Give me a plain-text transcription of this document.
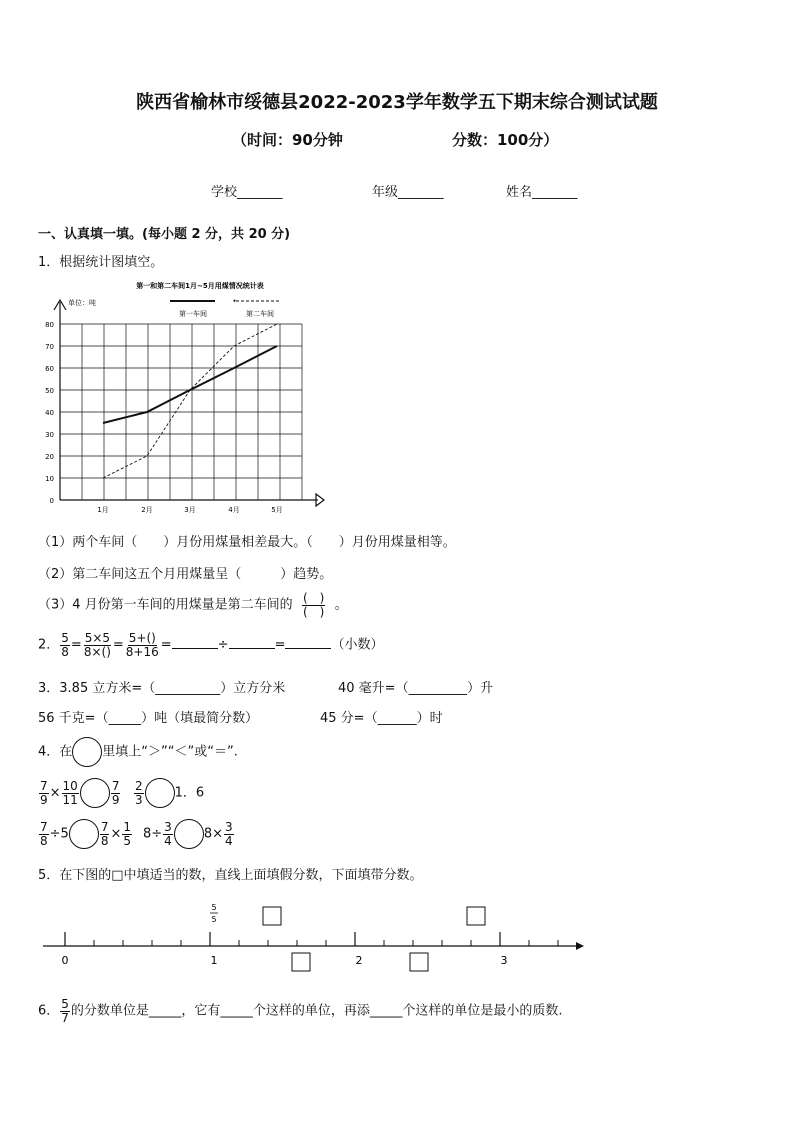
陕西省榆林市绥德县2022-2023学年数学五下期末综合测试试题
（时间：90分钟	分数：100分）
学校_______	年级_______	姓名_______
一、认真填一填。(每小题 2 分，共 20 分)
1．根据统计图填空。
第一和第二车间1月~5月用煤情况统计表
单位：吨
第一车间
←
第二车间
0
10
20
30
40
50
60
70
80
1月	2月	3月	4月	5月
（1）两个车间（　　）月份用煤量相差最大。（　　）月份用煤量相等。
（2）第二车间这五个月用煤量呈（　　　）趋势。
（3）4 月份第一车间的用煤量是第二车间的 $\frac{( )}{( )}$ 。
2． $\frac{5}{8} = \frac{5\times 5}{8\times()} = \frac{5+()}{8+16}$ =	÷	=	（小数）
3．3.85 立方米=（__________）立方分米	40 毫升=（_________）升
56 千克=（_____）吨（填最简分数）	45 分=（______）时
4．在 里填上“＞”“＜”或“＝”.
$\frac{7}{9} \times \frac{10}{11}$	$\frac{7}{9} \frac{2}{3} 1$．6
$\frac{7}{8} \div 5$	$\frac{7}{8} \times \frac{1}{5} 8\div \frac{3}{4} 8\times \frac{3}{4}$
5．在下图的□中填适当的数，直线上面填假分数，下面填带分数。
0	1	2	3
5
5
6． $\frac{5}{7}$ 的分数单位是_____，它有_____个这样的单位，再添_____个这样的单位是最小的质数.
